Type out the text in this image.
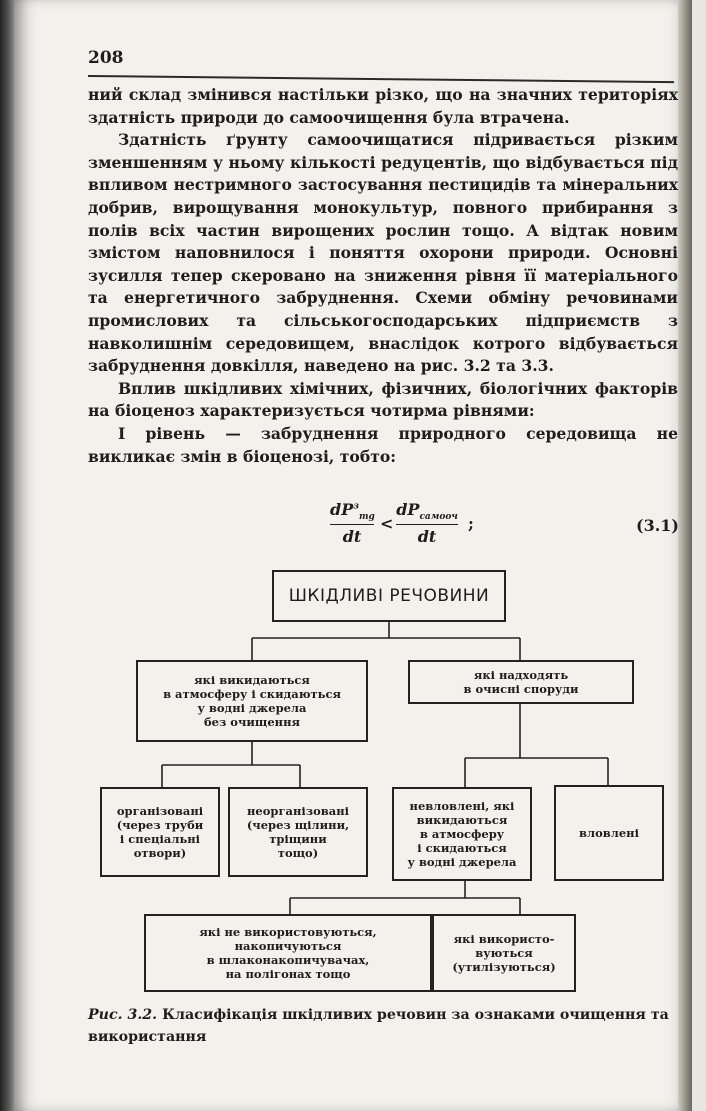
208

ний склад змінився настільки різко, що на значних територіях здатність природи до самоочищення була втрачена.

Здатність ґрунту самоочищатися підривається різким зменшенням у ньому кількості редуцентів, що відбувається під впливом нестримного застосування пестицидів та мінеральних добрив, вирощування монокультур, повного прибирання з полів всіх частин вирощених рослин тощо. А відтак новим змістом наповнилося і поняття охорони природи. Основні зусилля тепер скеровано на зниження рівня її матеріального та енергетичного забруднення. Схеми обміну речовинами промислових та сільськогосподарських підприємств з навколишнім середовищем, внаслідок котрого відбувається забруднення довкілля, наведено на рис. 3.2 та 3.3.

Вплив шкідливих хімічних, фізичних, біологічних факторів на біоценоз характеризується чотирма рівнями:

І рівень — забруднення природного середовища не викликає змін в біоценозі, тобто:

$dP^з_{mg}$
dt
<
$dP_{самооч}$
dt
;	(3.1)
ШКІДЛИВІ РЕЧОВИНИ
які викидаються
в атмосферу і скидаються
у водні джерела
без очищення
які надходять
в очисні споруди
організовані
(через труби
і спеціальні
отвори)
неорганізовані
(через щілини,
тріщини
тощо)
невловлені, які
викидаються
в атмосферу
і скидаються
у водні джерела
вловлені
які не використовуються,
накопичуються
в шлаконакопичувачах,
на полігонах тощо
які використо-
вуються
(утилізуються)
Рис. 3.2. Класифікація шкідливих речовин за ознаками очищення та використання
